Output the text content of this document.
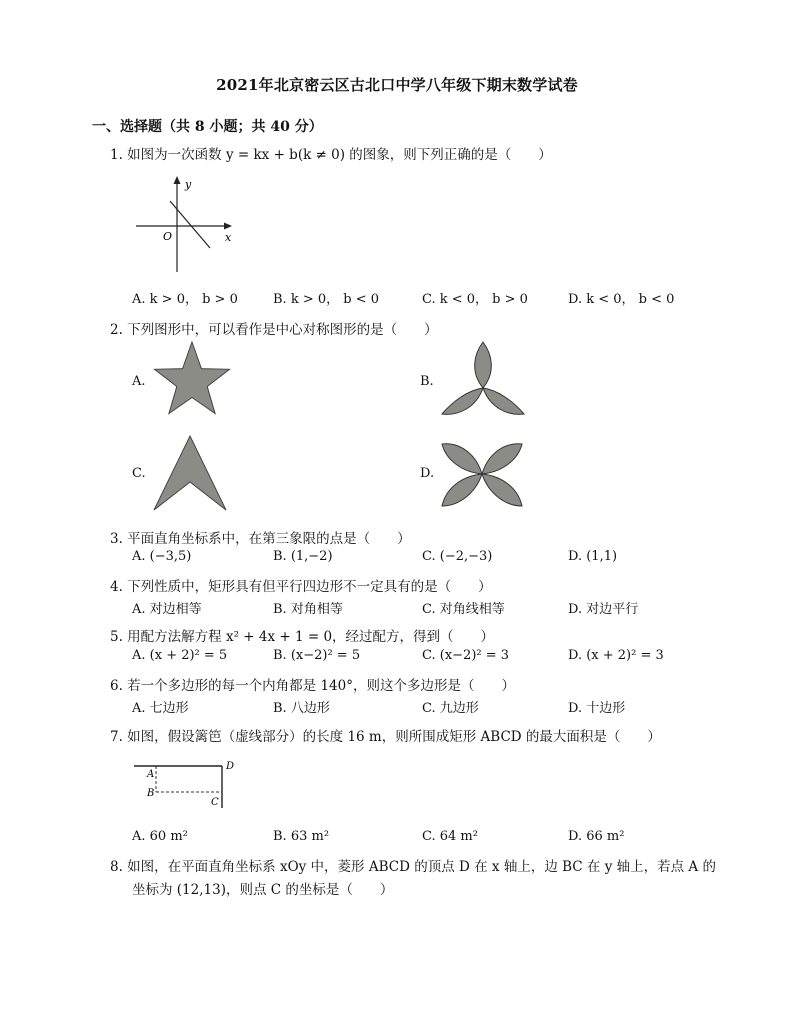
2021年北京密云区古北口中学八年级下期末数学试卷
一、选择题（共 8 小题；共 40 分）
1. 如图为一次函数 y = kx + b(k ≠ 0) 的图象，则下列正确的是（　　）
y
x
O
A. k > 0， b > 0	B. k > 0， b < 0	C. k < 0， b > 0	D. k < 0， b < 0
2. 下列图形中，可以看作是中心对称图形的是（　　）
A.	B.
C.	D.
3. 平面直角坐标系中，在第三象限的点是（　　）
A. (−3,5)	B. (1,−2)	C. (−2,−3)	D. (1,1)
4. 下列性质中，矩形具有但平行四边形不一定具有的是（　　）
A. 对边相等	B. 对角相等	C. 对角线相等	D. 对边平行
5. 用配方法解方程 x² + 4x + 1 = 0，经过配方，得到（　　）
A. (x + 2)² = 5	B. (x−2)² = 5	C. (x−2)² = 3	D. (x + 2)² = 3
6. 若一个多边形的每一个内角都是 140°，则这个多边形是（　　）
A. 七边形	B. 八边形	C. 九边形	D. 十边形
7. 如图，假设篱笆（虚线部分）的长度 16 m，则所围成矩形 ABCD 的最大面积是（　　）
A
B
C
D
A. 60 m²	B. 63 m²	C. 64 m²	D. 66 m²
8. 如图，在平面直角坐标系 xOy 中，菱形 ABCD 的顶点 D 在 x 轴上，边 BC 在 y 轴上，若点 A 的
坐标为 (12,13)，则点 C 的坐标是（　　）
